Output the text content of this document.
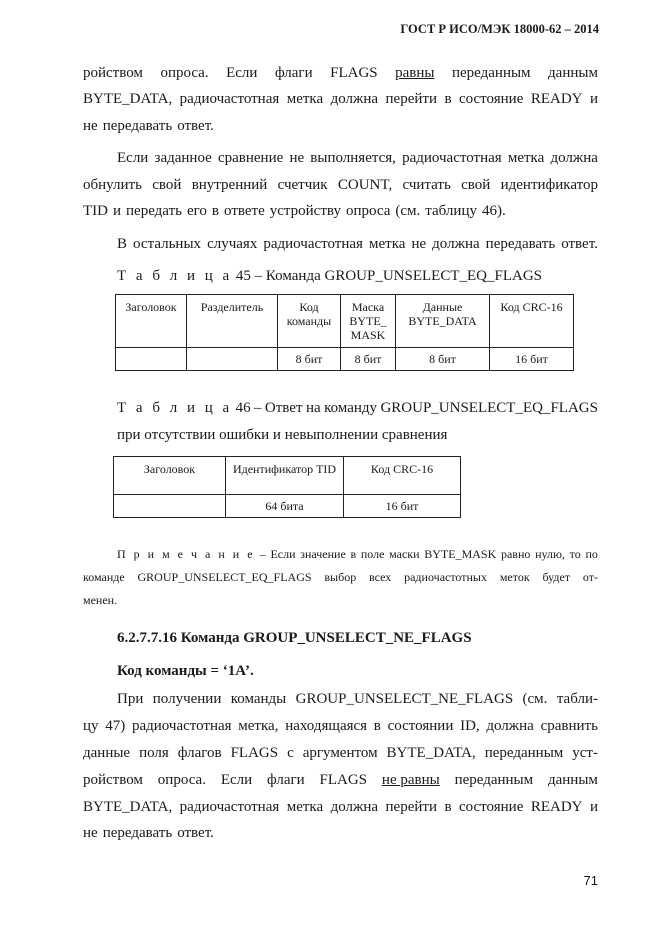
ГОСТ Р ИСО/МЭК 18000-62 – 2014
ройством опроса. Если флаги FLAGS равны переданным данным
BYTE_DATA, радиочастотная метка должна перейти в состояние READY и
не передавать ответ.
Если заданное сравнение не выполняется, радиочастотная метка должна
обнулить свой внутренний счетчик COUNT, считать свой идентификатор
TID и передать его в ответе устройству опроса (см. таблицу 46).
В остальных случаях радиочастотная метка не должна передавать ответ.
Т а б л и ц а 45 – Команда GROUP_UNSELECT_EQ_FLAGS
Заголовок	Разделитель	Код команды	Маска BYTE_ MASK	Данные BYTE_DATA	Код CRC-16
		8 бит	8 бит	8 бит	16 бит
Т а б л и ц а 46 – Ответ на команду GROUP_UNSELECT_EQ_FLAGS
при отсутствии ошибки и невыполнении сравнения
Заголовок	Идентификатор TID	Код CRC-16
	64 бита	16 бит
П р и м е ч а н и е – Если значение в поле маски BYTE_MASK равно нулю, то по
команде GROUP_UNSELECT_EQ_FLAGS выбор всех радиочастотных меток будет от-
менен.
6.2.7.7.16 Команда GROUP_UNSELECT_NE_FLAGS
Код команды = ‘1A’.
При получении команды GROUP_UNSELECT_NE_FLAGS (см. табли-
цу 47) радиочастотная метка, находящаяся в состоянии ID, должна сравнить
данные поля флагов FLAGS с аргументом BYTE_DATA, переданным уст-
ройством опроса. Если флаги FLAGS не равны переданным данным
BYTE_DATA, радиочастотная метка должна перейти в состояние READY и
не передавать ответ.
71
